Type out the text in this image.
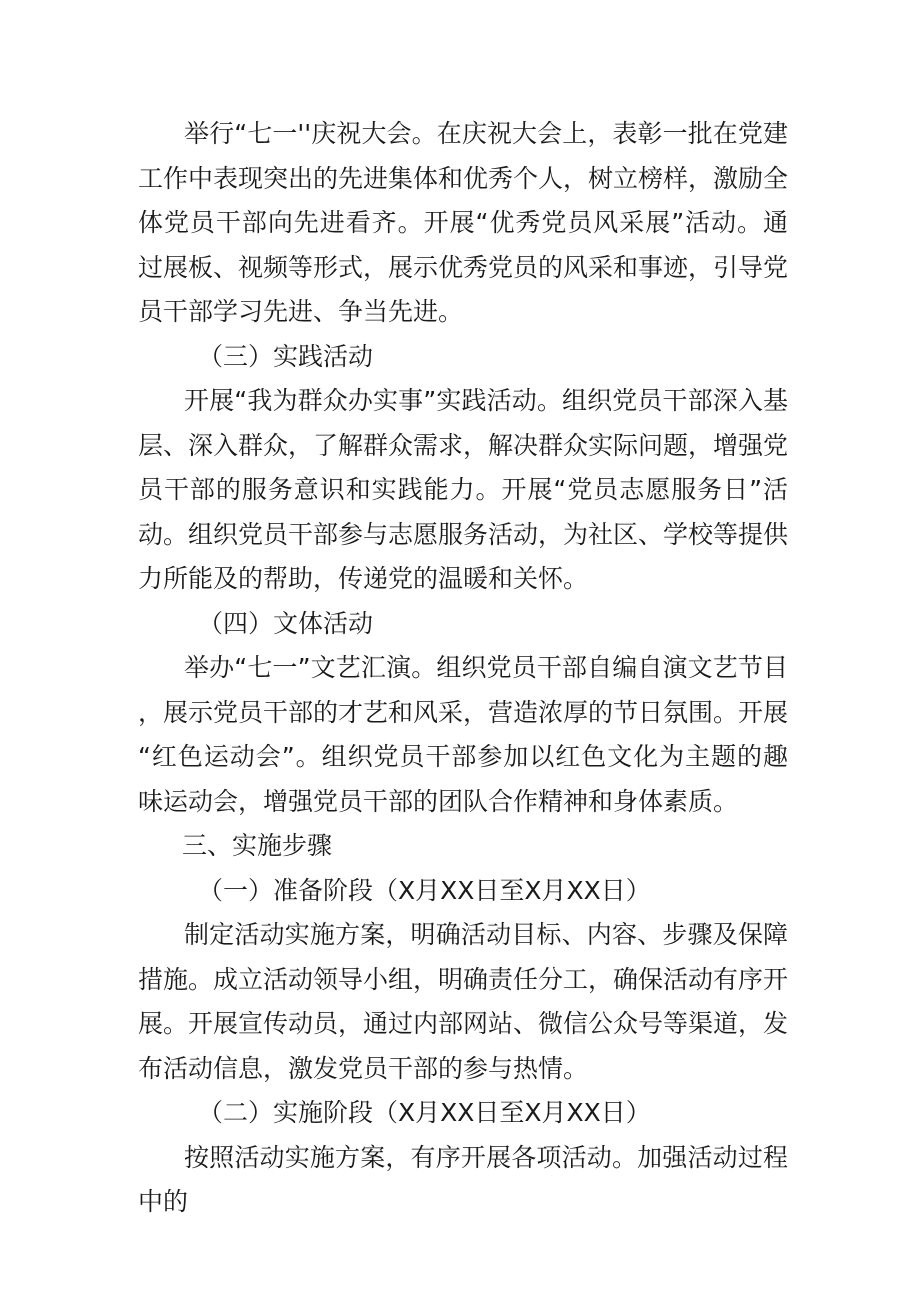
举行“七一''庆祝大会。在庆祝大会上，表彰一批在党建工作中表现突出的先进集体和优秀个人，树立榜样，激励全体党员干部向先进看齐。开展“优秀党员风采展”活动。通过展板、视频等形式，展示优秀党员的风采和事迹，引导党员干部学习先进、争当先进。

（三）实践活动

开展“我为群众办实事”实践活动。组织党员干部深入基层、深入群众，了解群众需求，解决群众实际问题，增强党员干部的服务意识和实践能力。开展“党员志愿服务日”活动。组织党员干部参与志愿服务活动，为社区、学校等提供力所能及的帮助，传递党的温暖和关怀。

（四）文体活动

举办“七一”文艺汇演。组织党员干部自编自演文艺节目，展示党员干部的才艺和风采，营造浓厚的节日氛围。开展“红色运动会”。组织党员干部参加以红色文化为主题的趣味运动会，增强党员干部的团队合作精神和身体素质。

三、实施步骤

（一）准备阶段（X月XX日至X月XX日）

制定活动实施方案，明确活动目标、内容、步骤及保障措施。成立活动领导小组，明确责任分工，确保活动有序开展。开展宣传动员，通过内部网站、微信公众号等渠道，发布活动信息，激发党员干部的参与热情。

（二）实施阶段（X月XX日至X月XX日）

按照活动实施方案，有序开展各项活动。加强活动过程中的
